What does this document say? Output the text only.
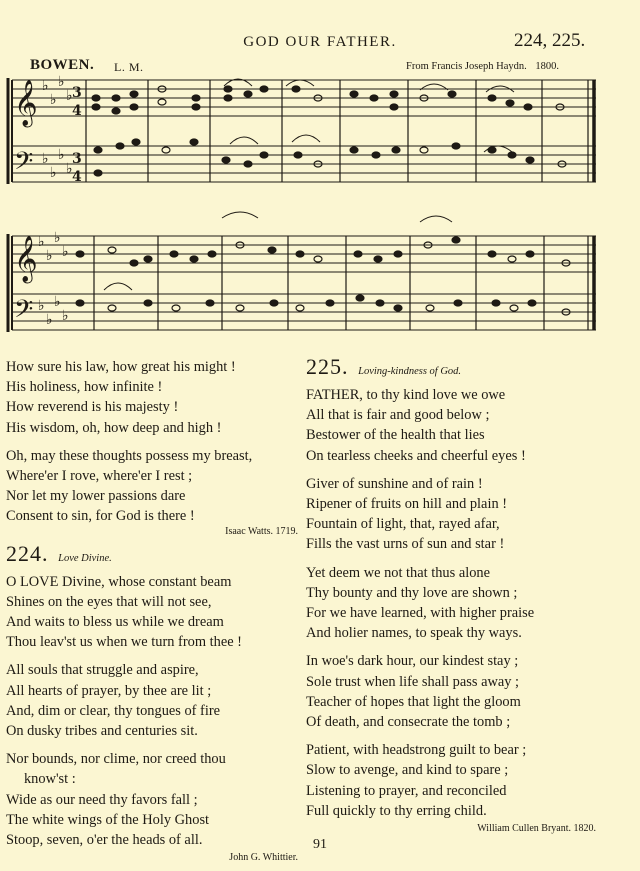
GOD OUR FATHER.	224, 225.
BOWEN. L. M.	From Francis Joseph Haydn. 1800.
𝄞
𝄢
𝄞
𝄢
♭
♭
♭
♭
♭
♭
♭
♭
♭
♭
♭
♭
♭
♭
♭
♭
3
4
3
4

How sure his law, how great his might !

His holiness, how infinite !

How reverend is his majesty !

His wisdom, oh, how deep and high !

Oh, may these thoughts possess my breast,

Where'er I rove, where'er I rest ;

Nor let my lower passions dare

Consent to sin, for God is there !

Isaac Watts. 1719.
224. Love Divine.

O LOVE Divine, whose constant beam

Shines on the eyes that will not see,

And waits to bless us while we dream

Thou leav'st us when we turn from thee !

All souls that struggle and aspire,

All hearts of prayer, by thee are lit ;

And, dim or clear, thy tongues of fire

On dusky tribes and centuries sit.

Nor bounds, nor clime, nor creed thou

know'st :

Wide as our need thy favors fall ;

The white wings of the Holy Ghost

Stoop, seven, o'er the heads of all.

John G. Whittier.
225. Loving-kindness of God.

FATHER, to thy kind love we owe

All that is fair and good below ;

Bestower of the health that lies

On tearless cheeks and cheerful eyes !

Giver of sunshine and of rain !

Ripener of fruits on hill and plain !

Fountain of light, that, rayed afar,

Fills the vast urns of sun and star !

Yet deem we not that thus alone

Thy bounty and thy love are shown ;

For we have learned, with higher praise

And holier names, to speak thy ways.

In woe's dark hour, our kindest stay ;

Sole trust when life shall pass away ;

Teacher of hopes that light the gloom

Of death, and consecrate the tomb ;

Patient, with headstrong guilt to bear ;

Slow to avenge, and kind to spare ;

Listening to prayer, and reconciled

Full quickly to thy erring child.

William Cullen Bryant. 1820.
91
